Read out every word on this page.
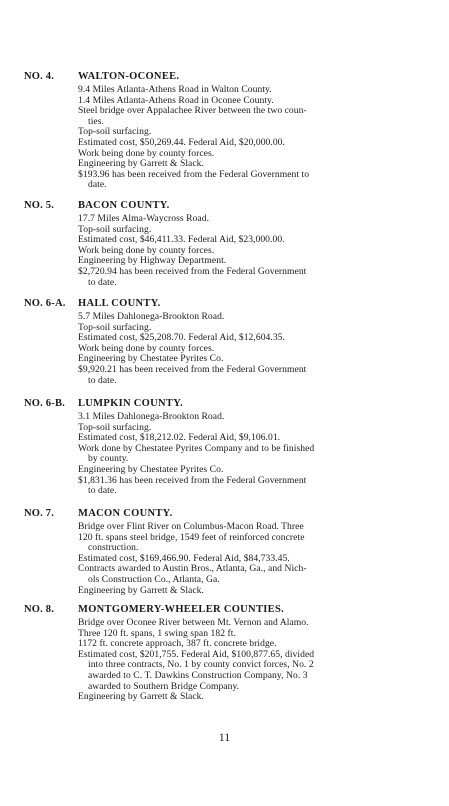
NO. 4. WALTON-OCONEE.
9.4 Miles Atlanta-Athens Road in Walton County.
1.4 Miles Atlanta-Athens Road in Oconee County.
Steel bridge over Appalachee River between the two coun-
ties.
Top-soil surfacing.
Estimated cost, $50,269.44. Federal Aid, $20,000.00.
Work being done by county forces.
Engineering by Garrett & Slack.
$193.96 has been received from the Federal Government to
date.
NO. 5. BACON COUNTY.
17.7 Miles Alma-Waycross Road.
Top-soil surfacing.
Estimated cost, $46,411.33. Federal Aid, $23,000.00.
Work being done by county forces.
Engineering by Highway Department.
$2,720.94 has been received from the Federal Government
to date.
NO. 6-A. HALL COUNTY.
5.7 Miles Dahlonega-Brookton Road.
Top-soil surfacing.
Estimated cost, $25,208.70. Federal Aid, $12,604.35.
Work being done by county forces.
Engineering by Chestatee Pyrites Co.
$9,920.21 has been received from the Federal Government
to date.
NO. 6-B. LUMPKIN COUNTY.
3.1 Miles Dahlonega-Brookton Road.
Top-soil surfacing.
Estimated cost, $18,212.02. Federal Aid, $9,106.01.
Work done by Chestatee Pyrites Company and to be finished
by county.
Engineering by Chestatee Pyrites Co.
$1,831.36 has been received from the Federal Government
to date.
NO. 7. MACON COUNTY.
Bridge over Flint River on Columbus-Macon Road. Three
120 ft. spans steel bridge, 1549 feet of reinforced concrete
construction.
Estimated cost, $169,466.90. Federal Aid, $84,733.45.
Contracts awarded to Austin Bros., Atlanta, Ga., and Nich-
ols Construction Co., Atlanta, Ga.
Engineering by Garrett & Slack.
NO. 8. MONTGOMERY-WHEELER COUNTIES.
Bridge over Oconee River between Mt. Vernon and Alamo.
Three 120 ft. spans, 1 swing span 182 ft.
1172 ft. concrete approach, 387 ft. concrete bridge.
Estimated cost, $201,755. Federal Aid, $100,877.65, divided
into three contracts, No. 1 by county convict forces, No. 2
awarded to C. T. Dawkins Construction Company, No. 3
awarded to Southern Bridge Company.
Engineering by Garrett & Slack.
11
